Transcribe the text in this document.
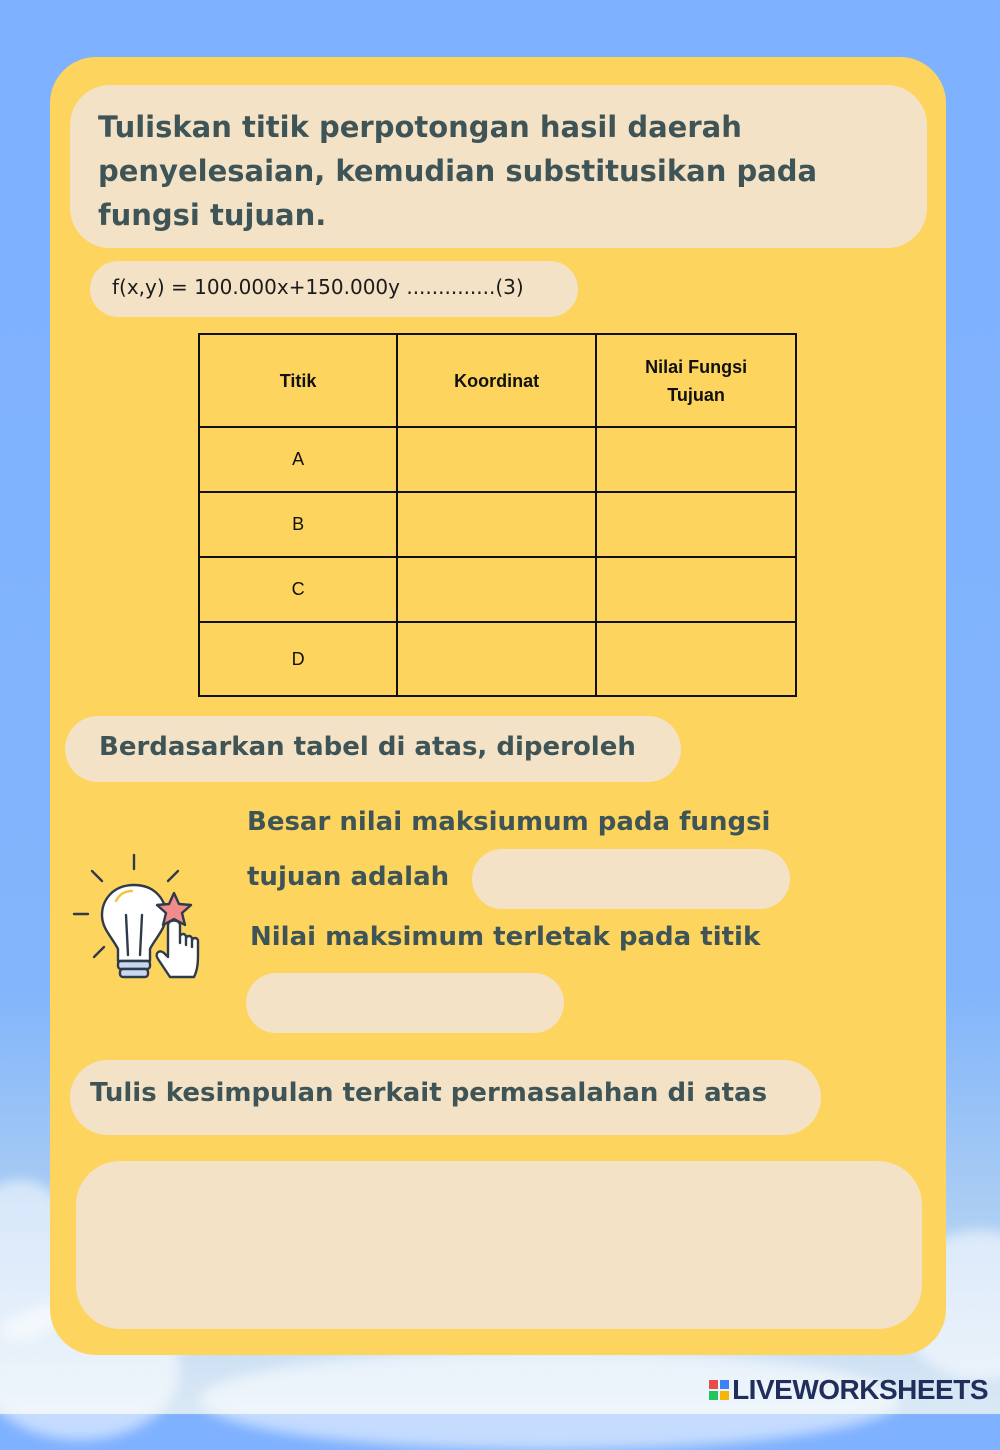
Tuliskan titik perpotongan hasil daerah penyelesaian, kemudian substitusikan pada fungsi tujuan.
f(x,y) = 100.000x+150.000y ..............(3)
Titik	Koordinat	Nilai Fungsi Tujuan
A		
B		
C		
D		
Berdasarkan tabel di atas, diperoleh
Besar nilai maksiumum pada fungsi
tujuan adalah
Nilai maksimum terletak pada titik
Tulis kesimpulan terkait permasalahan di atas
LIVEWORKSHEETS
